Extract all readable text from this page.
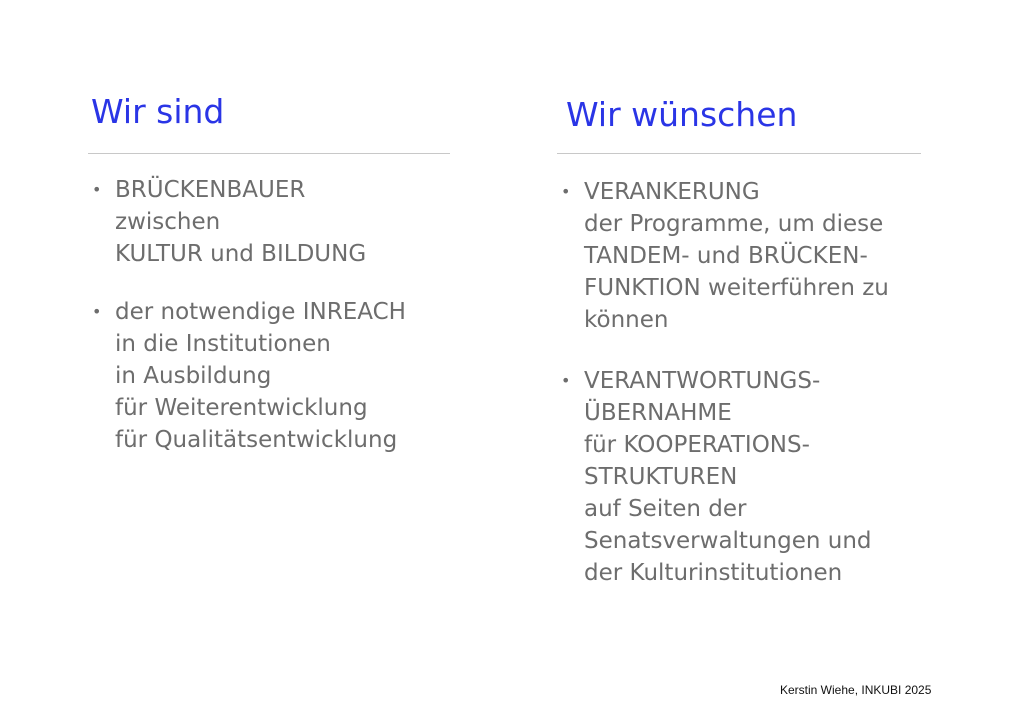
Wir sind
• BRÜCKENBAUER
zwischen
KULTUR und BILDUNG
• der notwendige INREACH
in die Institutionen
in Ausbildung
für Weiterentwicklung
für Qualitätsentwicklung
Wir wünschen
• VERANKERUNG
der Programme, um diese
TANDEM- und BRÜCKEN-
FUNKTION weiterführen zu
können
• VERANTWORTUNGS-
ÜBERNAHME
für KOOPERATIONS-
STRUKTUREN
auf Seiten der
Senatsverwaltungen und
der Kulturinstitutionen
Kerstin Wiehe, INKUBI 2025
